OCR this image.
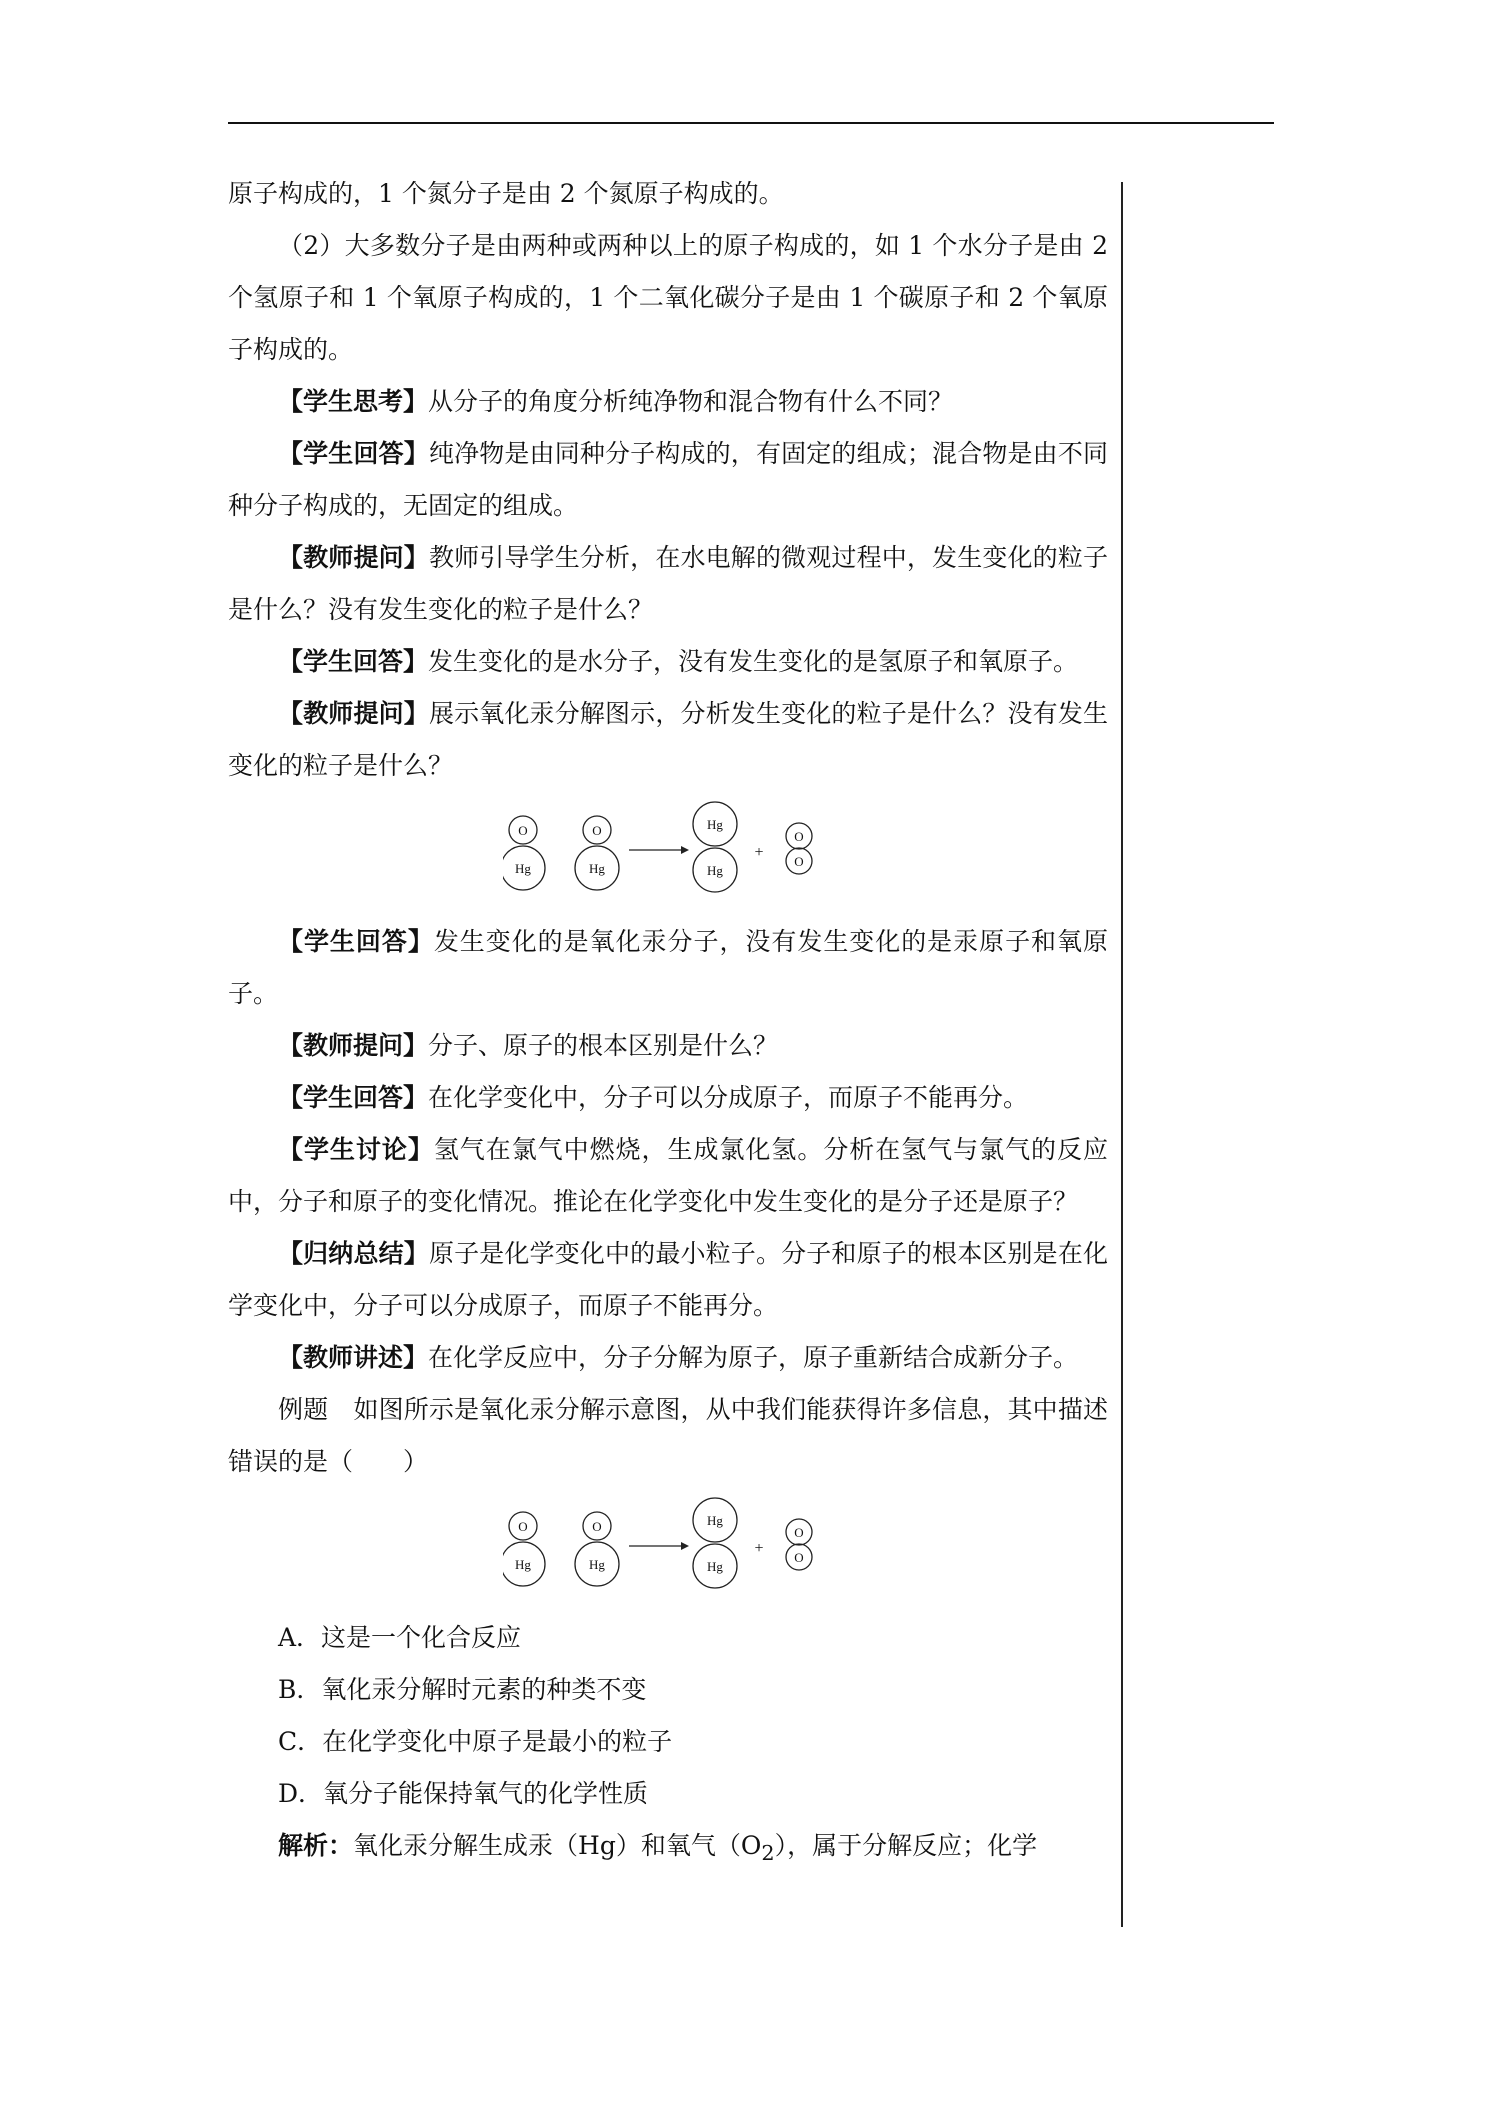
原子构成的，1 个氮分子是由 2 个氮原子构成的。

（2）大多数分子是由两种或两种以上的原子构成的，如 1 个水分子是由 2 个氢原子和 1 个氧原子构成的，1 个二氧化碳分子是由 1 个碳原子和 2 个氧原子构成的。

【学生思考】从分子的角度分析纯净物和混合物有什么不同？

【学生回答】纯净物是由同种分子构成的，有固定的组成；混合物是由不同种分子构成的，无固定的组成。

【教师提问】教师引导学生分析，在水电解的微观过程中，发生变化的粒子是什么？没有发生变化的粒子是什么？

【学生回答】发生变化的是水分子，没有发生变化的是氢原子和氧原子。

【教师提问】展示氧化汞分解图示，分析发生变化的粒子是什么？没有发生变化的粒子是什么？

O
Hg
O
Hg
Hg
Hg
O
O
+

【学生回答】发生变化的是氧化汞分子，没有发生变化的是汞原子和氧原子。

【教师提问】分子、原子的根本区别是什么？

【学生回答】在化学变化中，分子可以分成原子，而原子不能再分。

【学生讨论】氢气在氯气中燃烧，生成氯化氢。分析在氢气与氯气的反应中，分子和原子的变化情况。推论在化学变化中发生变化的是分子还是原子？

【归纳总结】原子是化学变化中的最小粒子。分子和原子的根本区别是在化学变化中，分子可以分成原子，而原子不能再分。

【教师讲述】在化学反应中，分子分解为原子，原子重新结合成新分子。

例题　如图所示是氧化汞分解示意图，从中我们能获得许多信息，其中描述错误的是（　　）

O
Hg
O
Hg
Hg
Hg
O
O
+

A．这是一个化合反应

B．氧化汞分解时元素的种类不变

C．在化学变化中原子是最小的粒子

D．氧分子能保持氧气的化学性质

解析：氧化汞分解生成汞（Hg）和氧气$(O_2)$，属于分解反应；化学
